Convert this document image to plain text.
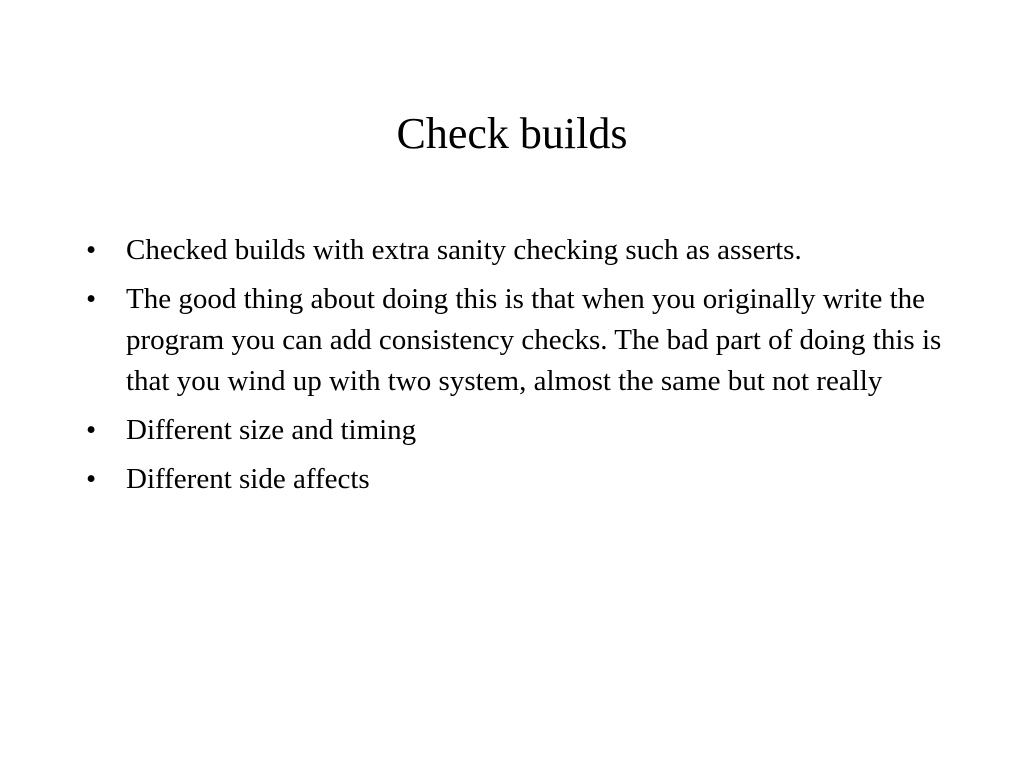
Check builds
•	Checked builds with extra sanity checking such as asserts.
•	The good thing about doing this is that when you originally write the program you can add consistency checks. The bad part of doing this is that you wind up with two system, almost the same but not really
•	Different size and timing
•	Different side affects
